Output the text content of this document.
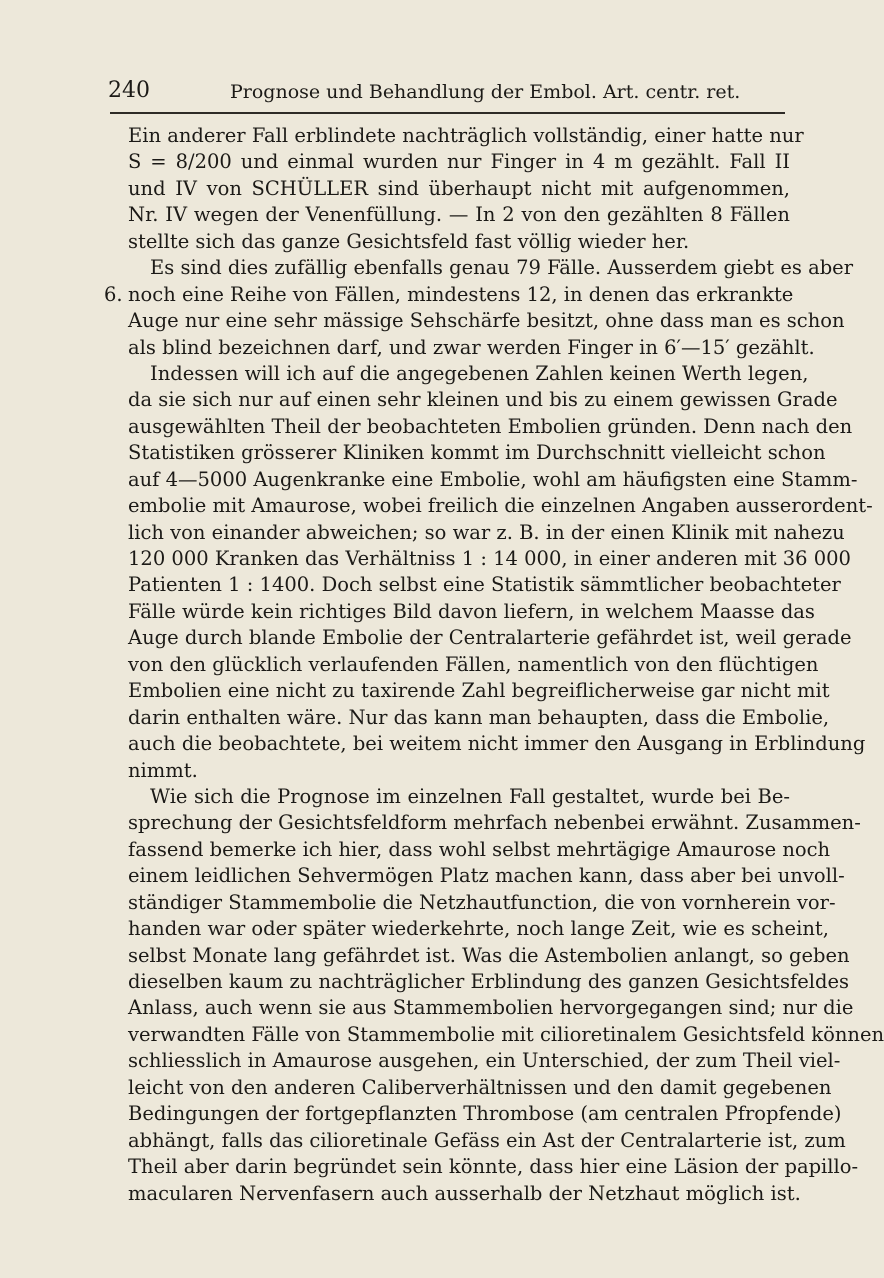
240	Prognose und Behandlung der Embol. Art. centr. ret.
Ein anderer Fall erblindete nachträglich vollständig, einer hatte nur
S = 8/200 und einmal wurden nur Finger in 4 m gezählt. Fall II
und IV von SCHÜLLER sind überhaupt nicht mit aufgenommen,
Nr. IV wegen der Venenfüllung. — In 2 von den gezählten 8 Fällen
stellte sich das ganze Gesichtsfeld fast völlig wieder her.
Es sind dies zufällig ebenfalls genau 79 Fälle. Ausserdem giebt es aber
6. noch eine Reihe von Fällen, mindestens 12, in denen das erkrankte
Auge nur eine sehr mässige Sehschärfe besitzt, ohne dass man es schon
als blind bezeichnen darf, und zwar werden Finger in 6′—15′ gezählt.
Indessen will ich auf die angegebenen Zahlen keinen Werth legen,
da sie sich nur auf einen sehr kleinen und bis zu einem gewissen Grade
ausgewählten Theil der beobachteten Embolien gründen. Denn nach den
Statistiken grösserer Kliniken kommt im Durchschnitt vielleicht schon
auf 4—5000 Augenkranke eine Embolie, wohl am häufigsten eine Stamm-
embolie mit Amaurose, wobei freilich die einzelnen Angaben ausserordent-
lich von einander abweichen; so war z. B. in der einen Klinik mit nahezu
120 000 Kranken das Verhältniss 1 : 14 000, in einer anderen mit 36 000
Patienten 1 : 1400. Doch selbst eine Statistik sämmtlicher beobachteter
Fälle würde kein richtiges Bild davon liefern, in welchem Maasse das
Auge durch blande Embolie der Centralarterie gefährdet ist, weil gerade
von den glücklich verlaufenden Fällen, namentlich von den flüchtigen
Embolien eine nicht zu taxirende Zahl begreiflicherweise gar nicht mit
darin enthalten wäre. Nur das kann man behaupten, dass die Embolie,
auch die beobachtete, bei weitem nicht immer den Ausgang in Erblindung
nimmt.
Wie sich die Prognose im einzelnen Fall gestaltet, wurde bei Be-
sprechung der Gesichtsfeldform mehrfach nebenbei erwähnt. Zusammen-
fassend bemerke ich hier, dass wohl selbst mehrtägige Amaurose noch
einem leidlichen Sehvermögen Platz machen kann, dass aber bei unvoll-
ständiger Stammembolie die Netzhautfunction, die von vornherein vor-
handen war oder später wiederkehrte, noch lange Zeit, wie es scheint,
selbst Monate lang gefährdet ist. Was die Astembolien anlangt, so geben
dieselben kaum zu nachträglicher Erblindung des ganzen Gesichtsfeldes
Anlass, auch wenn sie aus Stammembolien hervorgegangen sind; nur die
verwandten Fälle von Stammembolie mit cilioretinalem Gesichtsfeld können
schliesslich in Amaurose ausgehen, ein Unterschied, der zum Theil viel-
leicht von den anderen Caliberverhältnissen und den damit gegebenen
Bedingungen der fortgepflanzten Thrombose (am centralen Pfropfende)
abhängt, falls das cilioretinale Gefäss ein Ast der Centralarterie ist, zum
Theil aber darin begründet sein könnte, dass hier eine Läsion der papillo-
macularen Nervenfasern auch ausserhalb der Netzhaut möglich ist.
